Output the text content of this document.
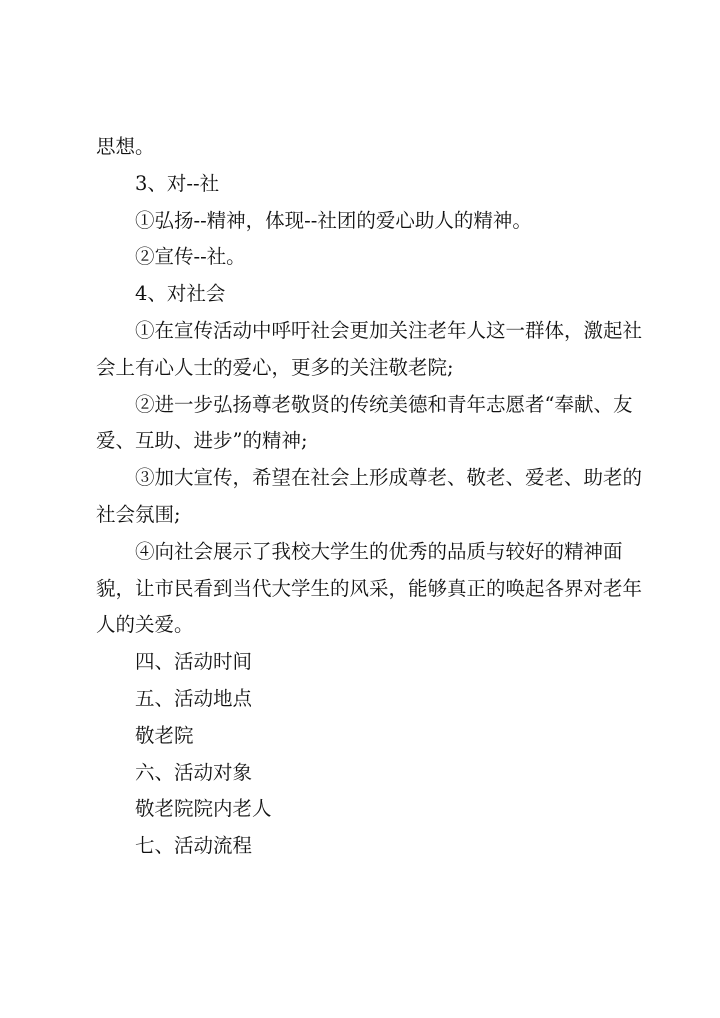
思想。

3、对--社

①弘扬--精神，体现--社团的爱心助人的精神。

②宣传--社。

4、对社会

①在宣传活动中呼吁社会更加关注老年人这一群体，激起社会上有心人士的爱心，更多的关注敬老院;

②进一步弘扬尊老敬贤的传统美德和青年志愿者“奉献、友爱、互助、进步”的精神;

③加大宣传，希望在社会上形成尊老、敬老、爱老、助老的社会氛围;

④向社会展示了我校大学生的优秀的品质与较好的精神面貌，让市民看到当代大学生的风采，能够真正的唤起各界对老年人的关爱。

四、活动时间

五、活动地点

敬老院

六、活动对象

敬老院院内老人

七、活动流程
